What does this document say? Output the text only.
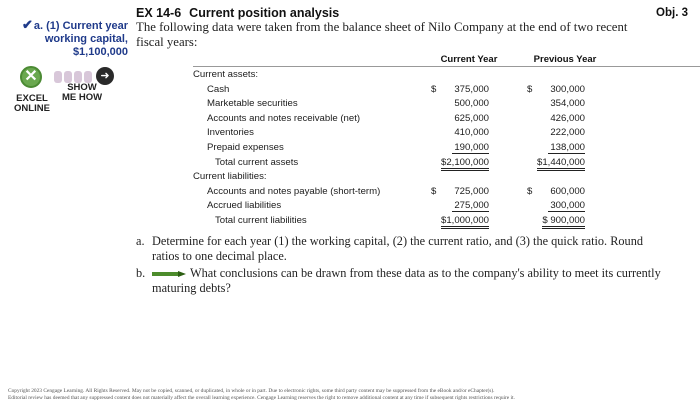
✔a. (1) Current year
working capital,

$1,100,000
✕
EXCEL
ONLINE
➜
SHOW
ME HOW
EX 14-6 Current position analysis	Obj. 3
The following data were taken from the balance sheet of Nilo Company at the end of two recent fiscal years:
Current Year	Previous Year
Current assets:
Cash	$ 375,000	$ 300,000
Marketable securities	500,000	354,000
Accounts and notes receivable (net)	625,000	426,000
Inventories	410,000	222,000
Prepaid expenses	190,000	138,000
Total current assets	$2,100,000	$1,440,000
Current liabilities:
Accounts and notes payable (short-term)	$ 725,000	$ 600,000
Accrued liabilities	275,000	300,000
Total current liabilities	$1,000,000	$ 900,000
a. Determine for each year (1) the working capital, (2) the current ratio, and (3) the quick ratio. Round ratios to one decimal place.
b.	What conclusions can be drawn from these data as to the company's ability to meet its currently maturing debts?
Copyright 2023 Cengage Learning. All Rights Reserved. May not be copied, scanned, or duplicated, in whole or in part. Due to electronic rights, some third party content may be suppressed from the eBook and/or eChapter(s).
Editorial review has deemed that any suppressed content does not materially affect the overall learning experience. Cengage Learning reserves the right to remove additional content at any time if subsequent rights restrictions require it.
